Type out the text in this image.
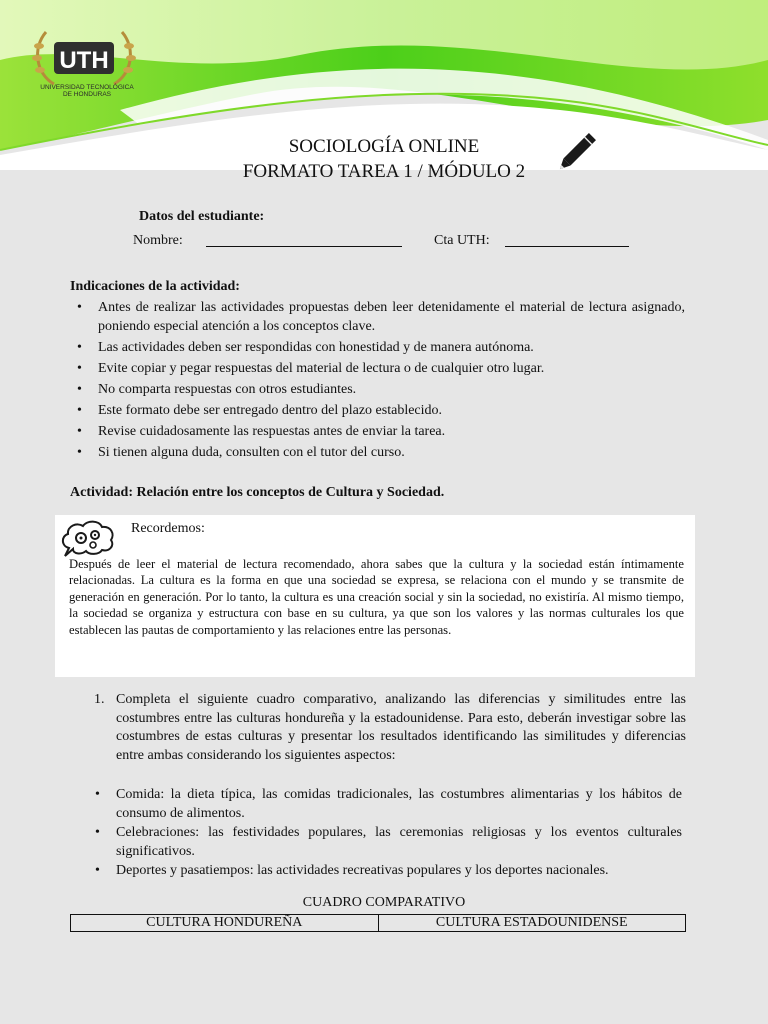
UTH
UNIVERSIDAD TECNOLÓGICA
DE HONDURAS
SOCIOLOGÍA ONLINE
FORMATO TAREA 1 / MÓDULO 2
Datos del estudiante:
Nombre:	Cta UTH:
Indicaciones de la actividad:
• Antes de realizar las actividades propuestas deben leer detenidamente el material de lectura asignado, poniendo especial atención a los conceptos clave.
• Las actividades deben ser respondidas con honestidad y de manera autónoma.
• Evite copiar y pegar respuestas del material de lectura o de cualquier otro lugar.
• No comparta respuestas con otros estudiantes.
• Este formato debe ser entregado dentro del plazo establecido.
• Revise cuidadosamente las respuestas antes de enviar la tarea.
• Si tienen alguna duda, consulten con el tutor del curso.
Actividad: Relación entre los conceptos de Cultura y Sociedad.
Recordemos:

Después de leer el material de lectura recomendado, ahora sabes que la cultura y la sociedad están íntimamente relacionadas. La cultura es la forma en que una sociedad se expresa, se relaciona con el mundo y se transmite de generación en generación. Por lo tanto, la cultura es una creación social y sin la sociedad, no existiría. Al mismo tiempo, la sociedad se organiza y estructura con base en su cultura, ya que son los valores y las normas culturales los que establecen las pautas de comportamiento y las relaciones entre las personas.

1. Completa el siguiente cuadro comparativo, analizando las diferencias y similitudes entre las costumbres entre las culturas hondureña y la estadounidense. Para esto, deberán investigar sobre las costumbres de estas culturas y presentar los resultados identificando las similitudes y diferencias entre ambas considerando los siguientes aspectos:
• Comida: la dieta típica, las comidas tradicionales, las costumbres alimentarias y los hábitos de consumo de alimentos.
• Celebraciones: las festividades populares, las ceremonias religiosas y los eventos culturales significativos.
• Deportes y pasatiempos: las actividades recreativas populares y los deportes nacionales.
CUADRO COMPARATIVO
CULTURA HONDUREÑA	CULTURA ESTADOUNIDENSE
